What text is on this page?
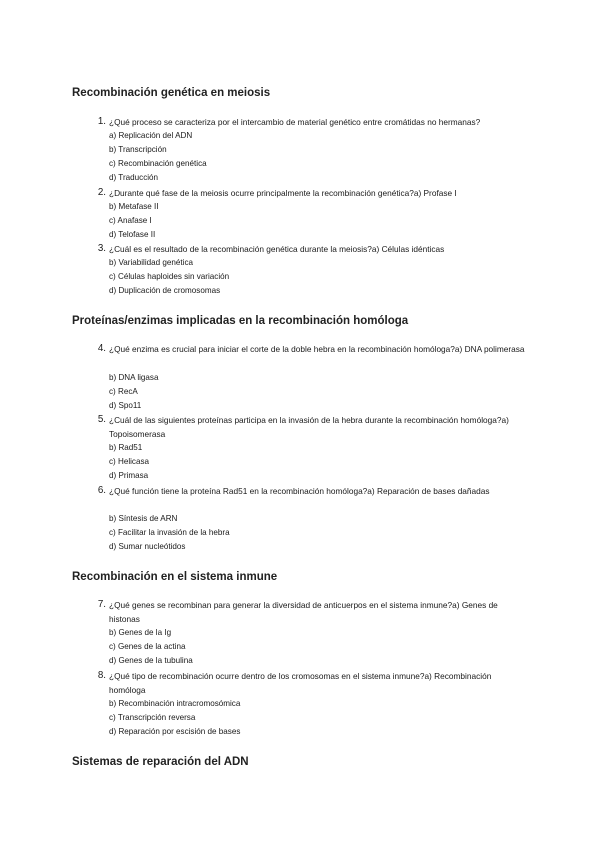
Recombinación genética en meiosis
1. ¿Qué proceso se caracteriza por el intercambio de material genético entre cromátidas no hermanas?

a) Replicación del ADN

b) Transcripción

c) Recombinación genética

d) Traducción

2. ¿Durante qué fase de la meiosis ocurre principalmente la recombinación genética?a) Profase I

b) Metafase II

c) Anafase I

d) Telofase II

3. ¿Cuál es el resultado de la recombinación genética durante la meiosis?a) Células idénticas

b) Variabilidad genética

c) Células haploides sin variación

d) Duplicación de cromosomas

Proteínas/enzimas implicadas en la recombinación homóloga
4. ¿Qué enzima es crucial para iniciar el corte de la doble hebra en la recombinación homóloga?a) DNA polimerasa

b) DNA ligasa

c) RecA

d) Spo11

5. ¿Cuál de las siguientes proteínas participa en la invasión de la hebra durante la recombinación homóloga?a) Topoisomerasa

b) Rad51

c) Helicasa

d) Primasa

6. ¿Qué función tiene la proteína Rad51 en la recombinación homóloga?a) Reparación de bases dañadas

b) Síntesis de ARN

c) Facilitar la invasión de la hebra

d) Sumar nucleótidos

Recombinación en el sistema inmune
7. ¿Qué genes se recombinan para generar la diversidad de anticuerpos en el sistema inmune?a) Genes de histonas

b) Genes de la Ig

c) Genes de la actina

d) Genes de la tubulina

8. ¿Qué tipo de recombinación ocurre dentro de los cromosomas en el sistema inmune?a) Recombinación homóloga

b) Recombinación intracromosómica

c) Transcripción reversa

d) Reparación por escisión de bases

Sistemas de reparación del ADN
